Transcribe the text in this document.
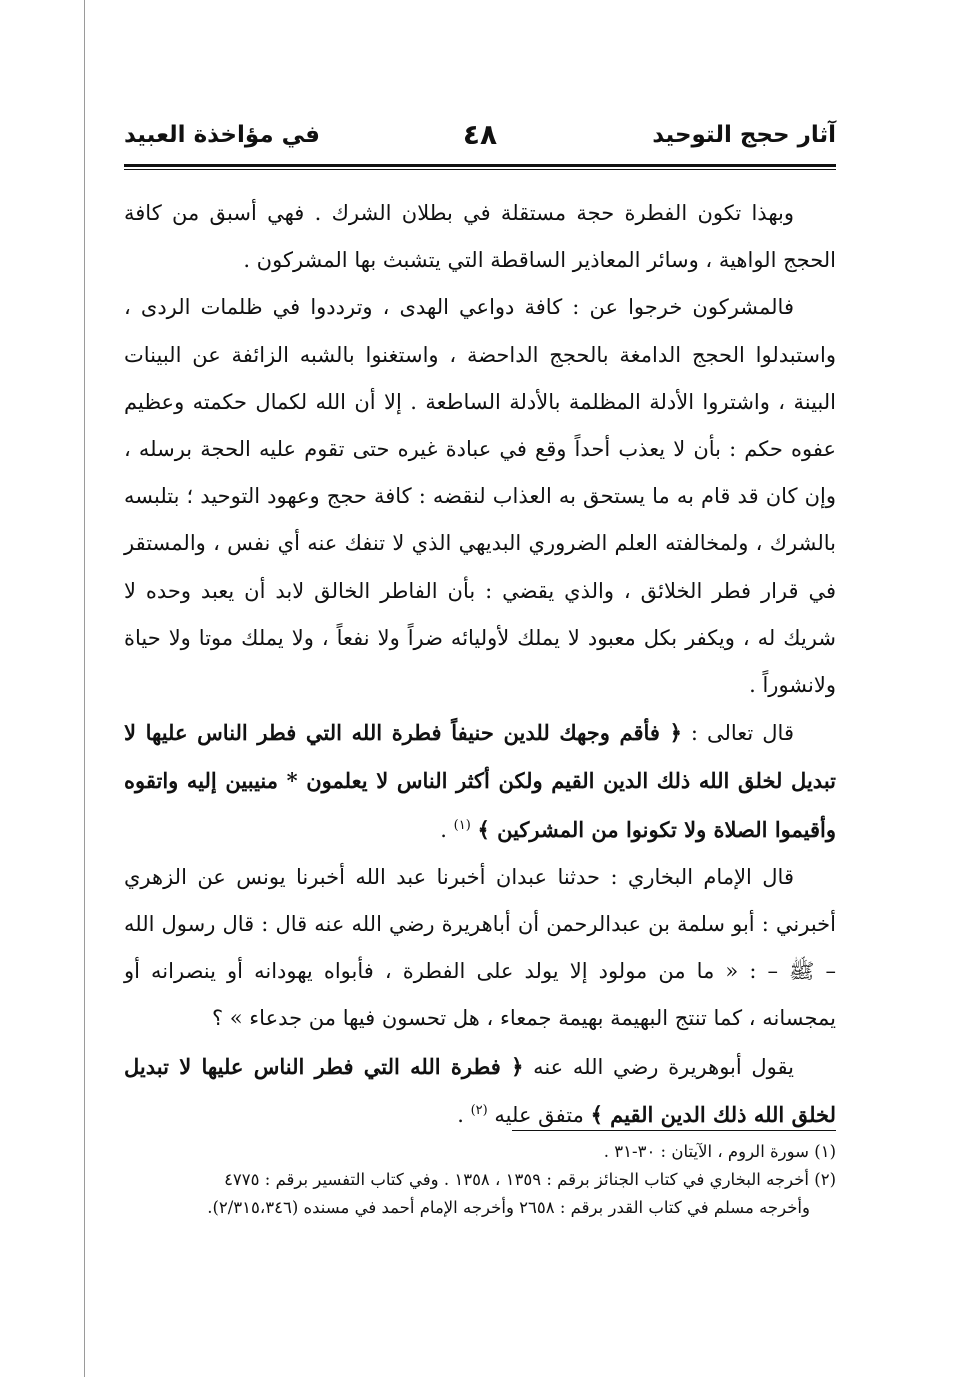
آثار حجج التوحيد
٤٨
في مؤاخذة العبيد

وبهذا تكون الفطرة حجة مستقلة في بطلان الشرك . فهي أسبق من كافة الحجج الواهية ، وسائر المعاذير الساقطة التي يتشبث بها المشركون .

فالمشركون خرجوا عن : كافة دواعي الهدى ، وترددوا في ظلمات الردى ، واستبدلوا الحجج الدامغة بالحجج الداحضة ، واستغنوا بالشبه الزائفة عن البينات البينة ، واشتروا الأدلة المظلمة بالأدلة الساطعة . إلا أن الله لكمال حكمته وعظيم عفوه حكم : بأن لا يعذب أحداً وقع في عبادة غيره حتى تقوم عليه الحجة برسله ، وإن كان قد قام به ما يستحق به العذاب لنقضه : كافة حجج وعهود التوحيد ؛ بتلبسه بالشرك ، ولمخالفته العلم الضروري البديهي الذي لا تنفك عنه أي نفس ، والمستقر في قرار فطر الخلائق ، والذي يقضي : بأن الفاطر الخالق لابد أن يعبد وحده لا شريك له ، ويكفر بكل معبود لا يملك لأوليائه ضراً ولا نفعاً ، ولا يملك موتا ولا حياة ولانشوراً .

قال تعالى : ﴿ فأقم وجهك للدين حنيفاً فطرة الله التي فطر الناس عليها لا تبديل لخلق الله ذلك الدين القيم ولكن أكثر الناس لا يعلمون * منيبين إليه واتقوه وأقيموا الصلاة ولا تكونوا من المشركين ﴾ $^{(١)}$ .

قال الإمام البخاري : حدثنا عبدان أخبرنا عبد الله أخبرنا يونس عن الزهري أخبرني : أبو سلمة بن عبدالرحمن أن أباهريرة رضي الله عنه قال : قال رسول الله – ﷺ – : « ما من مولود إلا يولد على الفطرة ، فأبواه يهودانه أو ينصرانه أو يمجسانه ، كما تنتج البهيمة بهيمة جمعاء ، هل تحسون فيها من جدعاء » ؟

يقول أبوهريرة رضي الله عنه ﴿ فطرة الله التي فطر الناس عليها لا تبديل لخلق الله ذلك الدين القيم ﴾ متفق عليه $^{(٢)}$ .

(١) سورة الروم ، الآيتان : ٣٠-٣١ .

(٢) أخرجه البخاري في كتاب الجنائز برقم : ١٣٥٩ ، ١٣٥٨ . وفي كتاب التفسير برقم : ٤٧٧٥

وأخرجه مسلم في كتاب القدر برقم : ٢٦٥٨ وأخرجه الإمام أحمد في مسنده (٢/٣١٥،٣٤٦).
